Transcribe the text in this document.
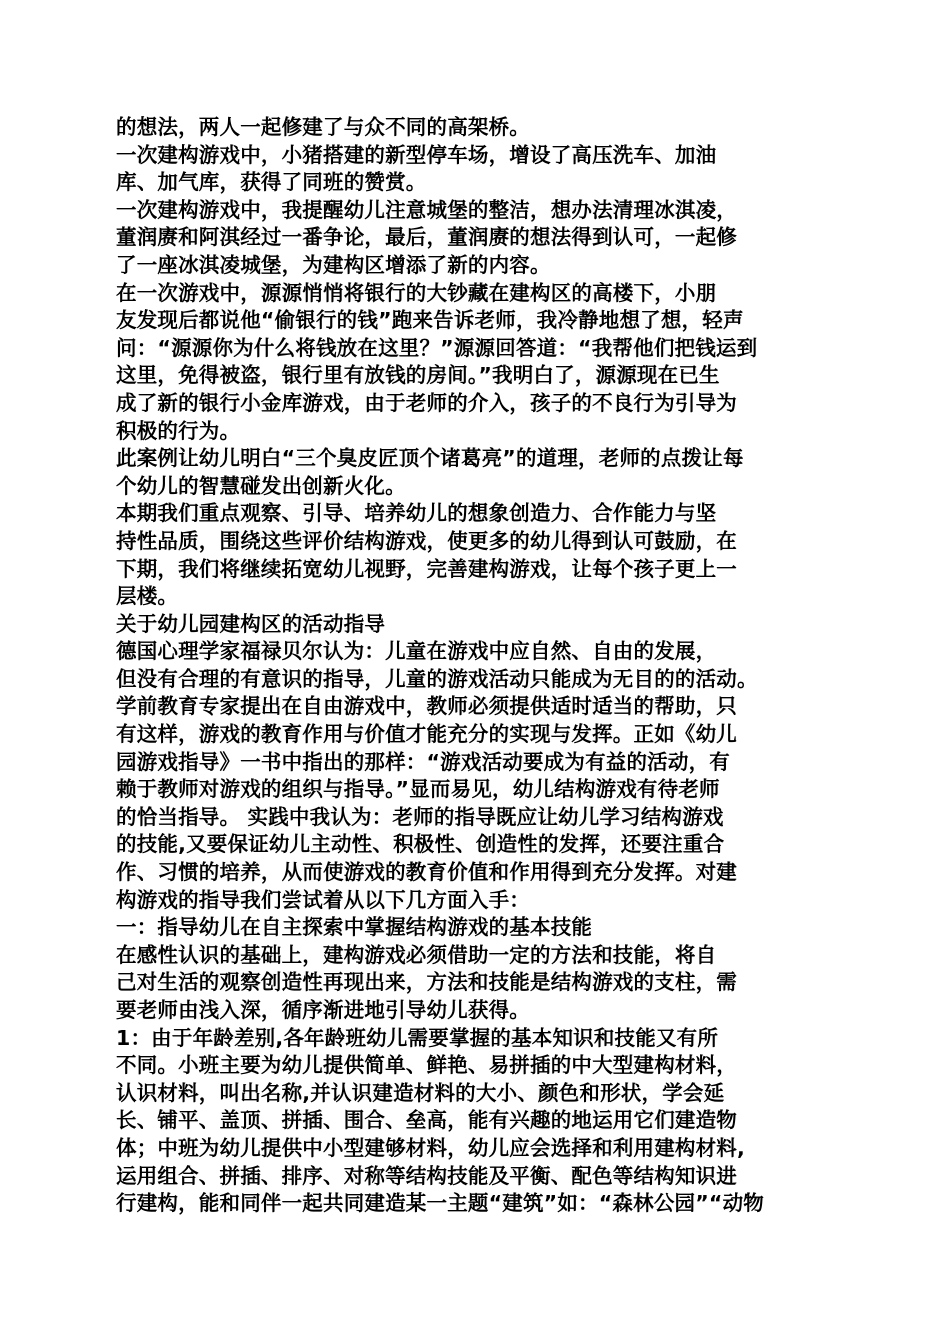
的想法，两人一起修建了与众不同的高架桥。
一次建构游戏中，小猪搭建的新型停车场，增设了高压洗车、加油
库、加气库，获得了同班的赞赏。
一次建构游戏中，我提醒幼儿注意城堡的整洁，想办法清理冰淇凌，
董润赓和阿淇经过一番争论，最后，董润赓的想法得到认可，一起修
了一座冰淇凌城堡，为建构区增添了新的内容。
在一次游戏中，源源悄悄将银行的大钞藏在建构区的高楼下，小朋
友发现后都说他“偷银行的钱”跑来告诉老师，我冷静地想了想，轻声
问：“源源你为什么将钱放在这里？”源源回答道：“我帮他们把钱运到
这里，免得被盗，银行里有放钱的房间。”我明白了，源源现在已生
成了新的银行小金库游戏，由于老师的介入，孩子的不良行为引导为
积极的行为。
此案例让幼儿明白“三个臭皮匠顶个诸葛亮”的道理，老师的点拨让每
个幼儿的智慧碰发出创新火化。
本期我们重点观察、引导、培养幼儿的想象创造力、合作能力与坚
持性品质，围绕这些评价结构游戏，使更多的幼儿得到认可鼓励，在
下期，我们将继续拓宽幼儿视野，完善建构游戏，让每个孩子更上一
层楼。
关于幼儿园建构区的活动指导
德国心理学家福禄贝尔认为：儿童在游戏中应自然、自由的发展，
但没有合理的有意识的指导，儿童的游戏活动只能成为无目的的活动。
学前教育专家提出在自由游戏中，教师必须提供适时适当的帮助，只
有这样，游戏的教育作用与价值才能充分的实现与发挥。正如《幼儿
园游戏指导》一书中指出的那样：“游戏活动要成为有益的活动，有
赖于教师对游戏的组织与指导。”显而易见，幼儿结构游戏有待老师
的恰当指导。 实践中我认为：老师的指导既应让幼儿学习结构游戏
的技能,又要保证幼儿主动性、积极性、创造性的发挥，还要注重合
作、习惯的培养，从而使游戏的教育价值和作用得到充分发挥。对建
构游戏的指导我们尝试着从以下几方面入手：
一：指导幼儿在自主探索中掌握结构游戏的基本技能
在感性认识的基础上，建构游戏必须借助一定的方法和技能，将自
己对生活的观察创造性再现出来，方法和技能是结构游戏的支柱，需
要老师由浅入深，循序渐进地引导幼儿获得。
1：由于年龄差别,各年龄班幼儿需要掌握的基本知识和技能又有所
不同。小班主要为幼儿提供简单、鲜艳、易拼插的中大型建构材料，
认识材料，叫出名称,并认识建造材料的大小、颜色和形状，学会延
长、铺平、盖顶、拼插、围合、垒高，能有兴趣的地运用它们建造物
体；中班为幼儿提供中小型建够材料，幼儿应会选择和利用建构材料,
运用组合、拼插、排序、对称等结构技能及平衡、配色等结构知识进
行建构，能和同伴一起共同建造某一主题“建筑”如：“森林公园”“动物
